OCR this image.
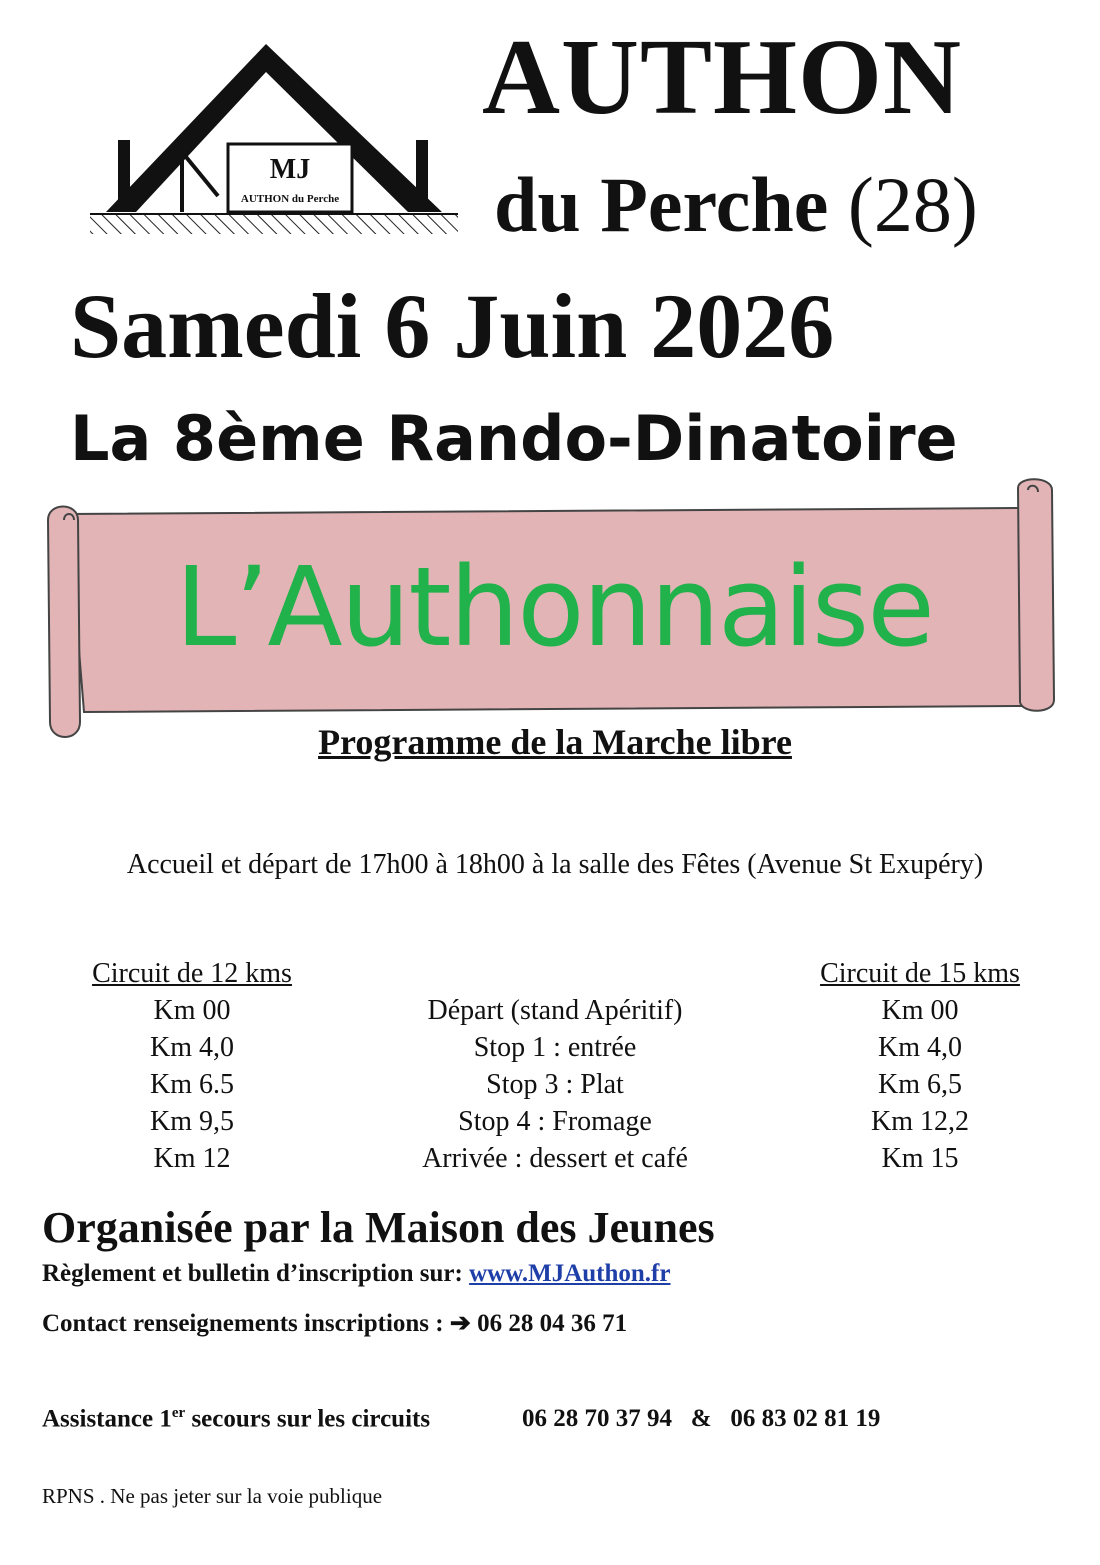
MJ
AUTHON du Perche
AUTHON
du Perche (28)
Samedi 6 Juin 2026
La 8ème Rando-Dinatoire
L’Authonnaise
Programme de la Marche libre
Accueil et départ de 17h00 à 18h00 à la salle des Fêtes (Avenue St Exupéry)
Circuit de 12 kms
Km 00
Km 4,0
Km 6.5
Km 9,5
Km 12
Départ (stand Apéritif)
Stop 1 : entrée
Stop 3 : Plat
Stop 4 : Fromage
Arrivée : dessert et café
Circuit de 15 kms
Km 00
Km 4,0
Km 6,5
Km 12,2
Km 15
Organisée par la Maison des Jeunes
Règlement et bulletin d’inscription sur: www.MJAuthon.fr
Contact renseignements inscriptions : ➔ 06 28 04 36 71
Assistance 1er secours sur les circuits	06 28 70 37 94 & 06 83 02 81 19
RPNS . Ne pas jeter sur la voie publique
